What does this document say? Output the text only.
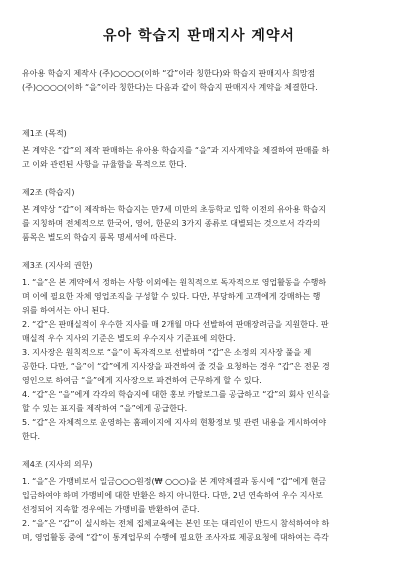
유아 학습지 판매지사 계약서

유아용 학습지 제작사 (주)○○○○(이하 “갑”이라 칭한다)와 학습지 판매지사 희망점
(주)○○○○(이하 “을”이라 칭한다)는 다음과 같이 학습지 판매지사 계약을 체결한다.

제1조 (목적)

본 계약은 “갑”의 제작 판매하는 유아용 학습지를 “을”과 지사계약을 체결하여 판매를 하
고 이와 관련된 사항을 규율함을 목적으로 한다.

제2조 (학습지)

본 계약상 “갑”이 제작하는 학습지는 만7세 미만의 초등학교 입학 이전의 유아용 학습지
를 지칭하며 전체적으로 한국어, 영어, 한문의 3가지 종류로 대별되는 것으로서 각각의
품목은 별도의 학습지 품목 명세서에 따른다.

제3조 (지사의 권한)

1. “을”은 본 계약에서 정하는 사항 이외에는 원칙적으로 독자적으로 영업활동을 수행하
며 이에 필요한 자체 영업조직을 구성할 수 있다. 다만, 부당하게 고객에게 강매하는 행
위를 하여서는 아니 된다.

2. “갑”은 판매실적이 우수한 지사를 매 2개월 마다 선발하여 판매장려금을 지원한다. 판
매실적 우수 지사의 기준은 별도의 우수지사 기준표에 의한다.

3. 지사장은 원칙적으로 “을”이 독자적으로 선발하며 “갑”은 소정의 지사장 풀을 제
공한다. 다만, “을”이 “갑”에게 지사장을 파견하여 줄 것을 요청하는 경우 “갑”은 전문 경
영인으로 하여금 “을”에게 지사장으로 파견하여 근무하게 할 수 있다.

4. “갑”은 “을”에게 각각의 학습지에 대한 홍보 카탈로그를 공급하고 “갑”의 회사 인식을
할 수 있는 표지를 제작하여 “을”에게 공급한다.

5. “갑”은 자체적으로 운영하는 홈페이지에 지사의 현황정보 및 관련 내용을 게시하여야
한다.

제4조 (지사의 의무)

1. “을”은 가맹비로서 일금○○○원정(₩ ○○○)을 본 계약체결과 동시에 “갑”에게 현금
입금하여야 하며 가맹비에 대한 반환은 하지 아니한다. 다만, 2년 연속하여 우수 지사로
선정되어 지속할 경우에는 가맹비를 반환하여 준다.

2. “을”은 “갑”이 실시하는 전체 집체교육에는 본인 또는 대리인이 반드시 참석하여야 하
며, 영업활동 중에 “갑”이 통계업무의 수행에 필요한 조사자료 제공요청에 대하여는 즉각
